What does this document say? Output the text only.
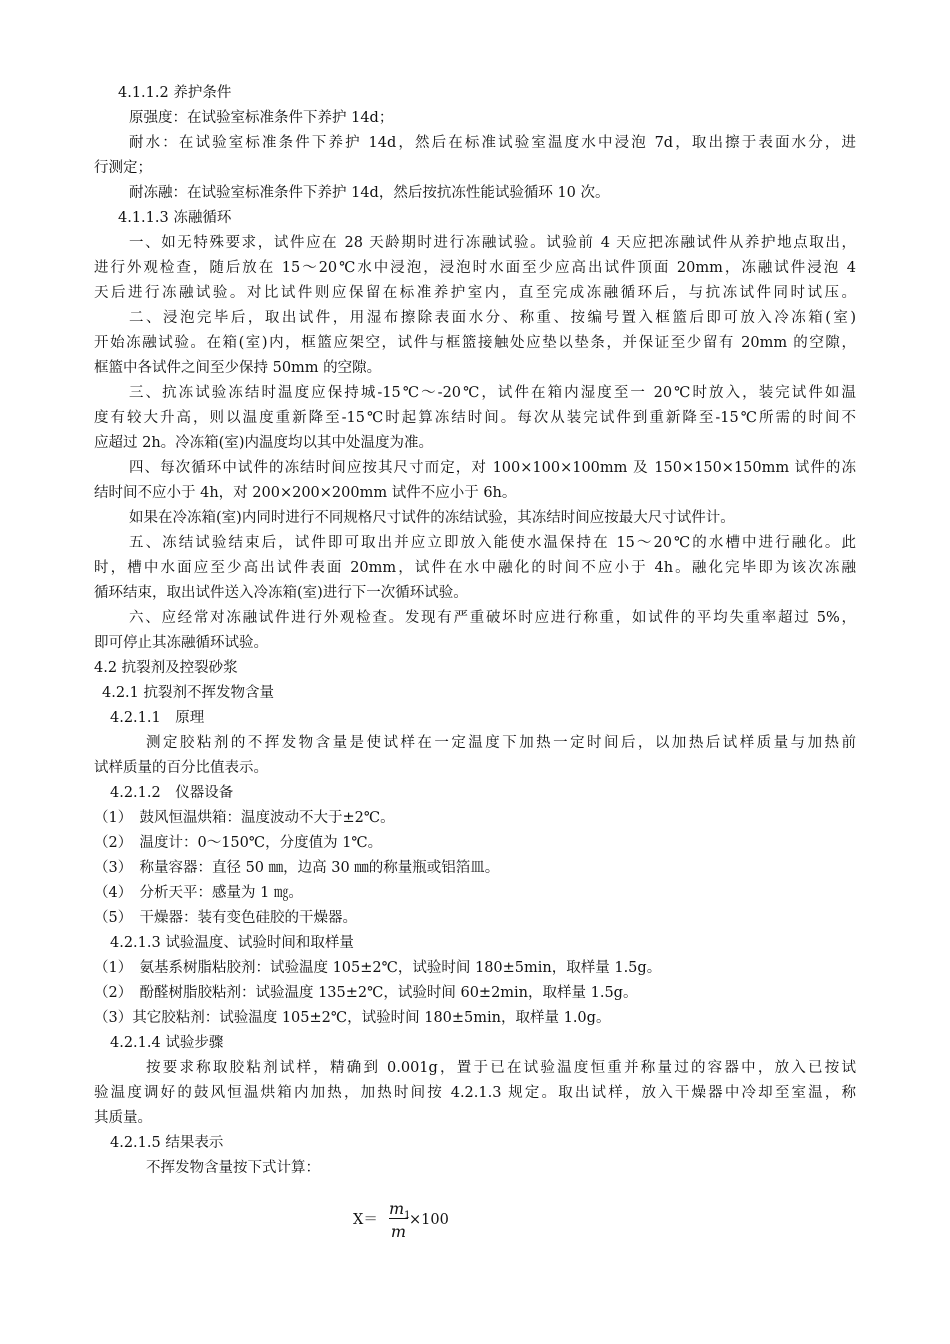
4.1.1.2 养护条件
原强度：在试验室标准条件下养护 14d；
耐水：在试验室标准条件下养护 14d，然后在标准试验室温度水中浸泡 7d，取出擦于表面水分，进
行测定；
耐冻融：在试验室标准条件下养护 14d，然后按抗冻性能试验循环 10 次。
4.1.1.3 冻融循环
一、如无特殊要求，试件应在 28 天龄期时进行冻融试验。试验前 4 天应把冻融试件从养护地点取出，
进行外观检查，随后放在 15～20℃水中浸泡，浸泡时水面至少应高出试件顶面 20mm，冻融试件浸泡 4
天后进行冻融试验。对比试件则应保留在标准养护室内，直至完成冻融循环后，与抗冻试件同时试压。
二、浸泡完毕后，取出试件，用湿布擦除表面水分、称重、按编号置入框篮后即可放入冷冻箱(室)
开始冻融试验。在箱(室)内，框篮应架空，试件与框篮接触处应垫以垫条，并保证至少留有 20mm 的空隙，
框篮中各试件之间至少保持 50mm 的空隙。
三、抗冻试验冻结时温度应保持城-15℃～-20℃，试件在箱内湿度至一 20℃时放入，装完试件如温
度有较大升高，则以温度重新降至-15℃时起算冻结时间。每次从装完试件到重新降至-15℃所需的时间不
应超过 2h。冷冻箱(室)内温度均以其中处温度为准。
四、每次循环中试件的冻结时间应按其尺寸而定，对 100×100×100mm 及 150×150×150mm 试件的冻
结时间不应小于 4h，对 200×200×200mm 试件不应小于 6h。
如果在冷冻箱(室)内同时进行不同规格尺寸试件的冻结试验，其冻结时间应按最大尺寸试件计。
五、冻结试验结束后，试件即可取出并应立即放入能使水温保持在 15～20℃的水槽中进行融化。此
时，槽中水面应至少高出试件表面 20mm，试件在水中融化的时间不应小于 4h。融化完毕即为该次冻融
循环结束，取出试件送入冷冻箱(室)进行下一次循环试验。
六、应经常对冻融试件进行外观检查。发现有严重破坏时应进行称重，如试件的平均失重率超过 5%，
即可停止其冻融循环试验。
4.2 抗裂剂及控裂砂浆
4.2.1 抗裂剂不挥发物含量
4.2.1.1　原理
测定胶粘剂的不挥发物含量是使试样在一定温度下加热一定时间后，以加热后试样质量与加热前
试样质量的百分比值表示。
4.2.1.2　仪器设备
（1）　鼓风恒温烘箱：温度波动不大于±2℃。
（2）　温度计：0～150℃，分度值为 1℃。
（3）　称量容器：直径 50 ㎜，边高 30 ㎜的称量瓶或铝箔皿。
（4）　分析天平：感量为 1 ㎎。
（5）　干燥器：装有变色硅胶的干燥器。
4.2.1.3 试验温度、试验时间和取样量
（1）　氨基系树脂粘胶剂：试验温度 105±2℃，试验时间 180±5min，取样量 1.5g。
（2）　酚醛树脂胶粘剂：试验温度 135±2℃，试验时间 60±2min，取样量 1.5g。
（3）其它胶粘剂：试验温度 105±2℃，试验时间 180±5min，取样量 1.0g。
4.2.1.4 试验步骤
按要求称取胶粘剂试样，精确到 0.001g，置于已在试验温度恒重并称量过的容器中，放入已按试
验温度调好的鼓风恒温烘箱内加热，加热时间按 4.2.1.3 规定。取出试样，放入干燥器中冷却至室温，称
其质量。
4.2.1.5 结果表示
不挥发物含量按下式计算：
X＝
$m_1$
m
×100
